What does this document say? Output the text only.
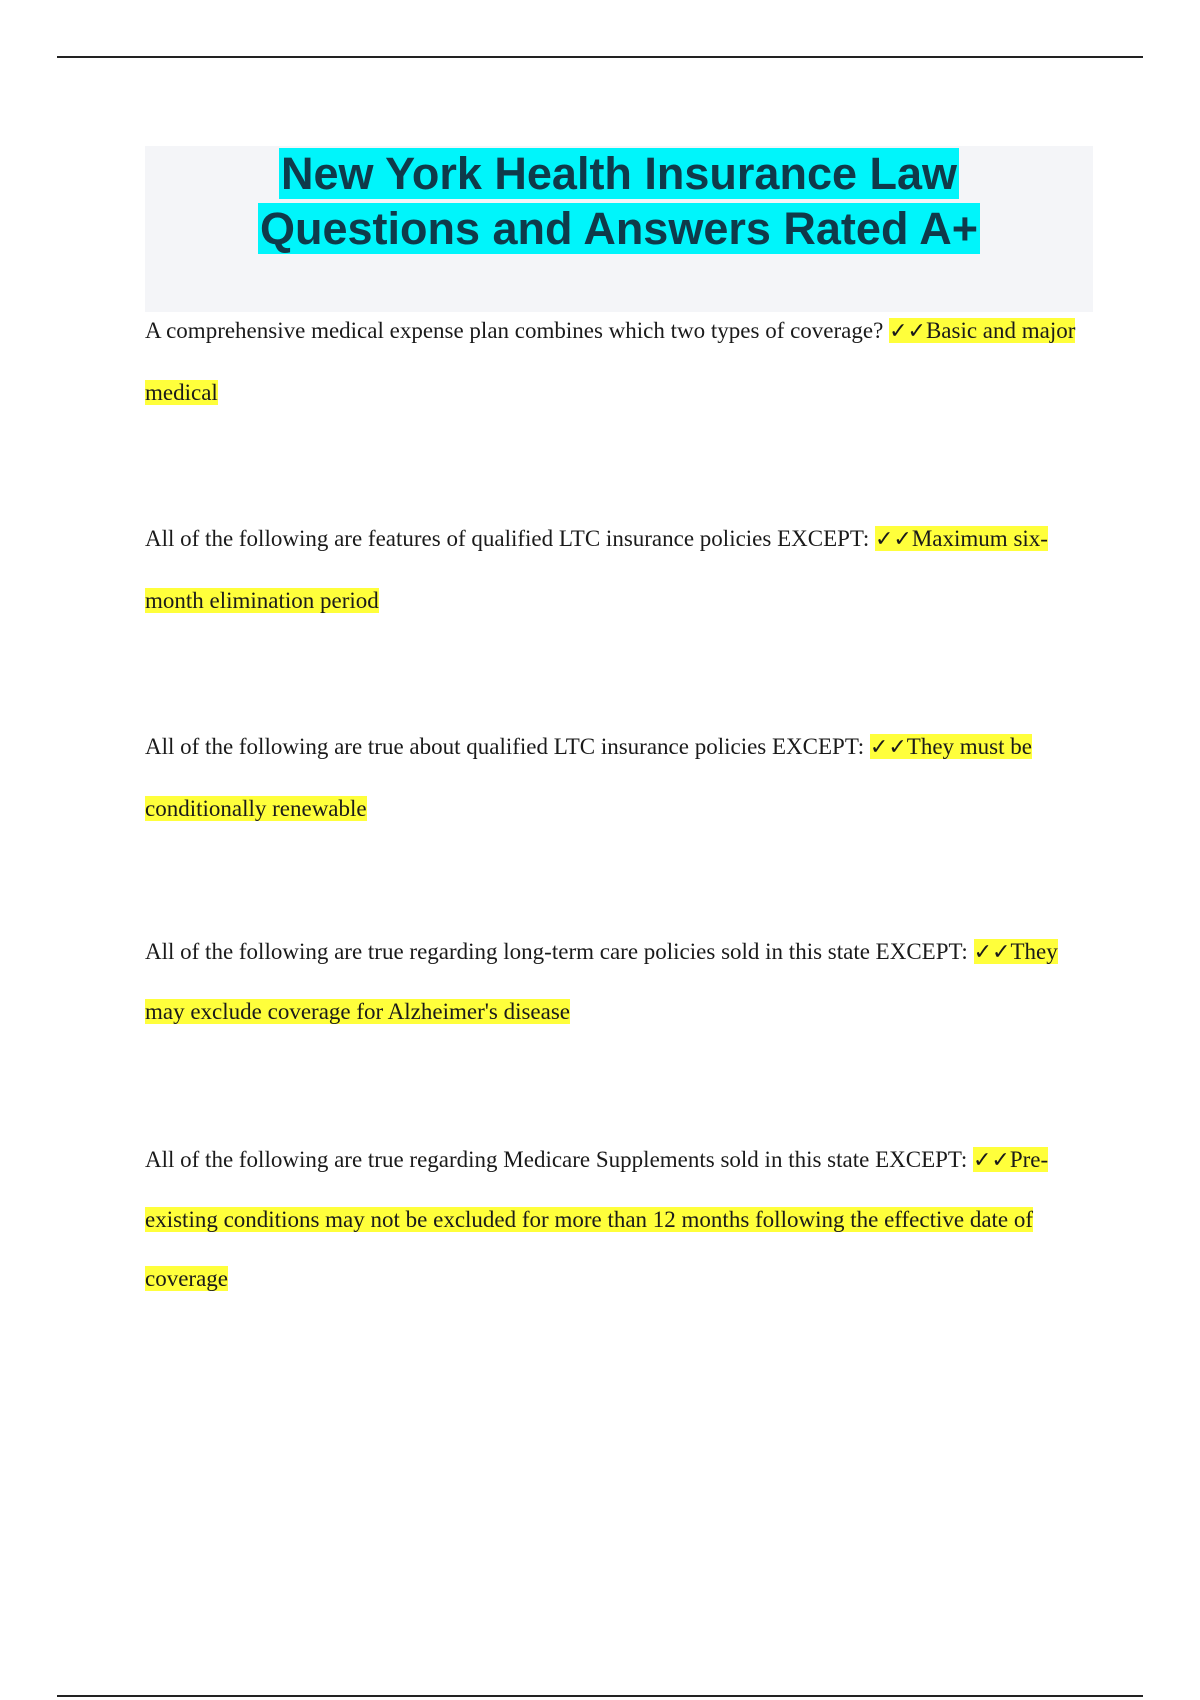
New York Health Insurance Law
Questions and Answers Rated A+
A comprehensive medical expense plan combines which two types of coverage? ✓✓Basic and major medical
All of the following are features of qualified LTC insurance policies EXCEPT: ✓✓Maximum six-month elimination period
All of the following are true about qualified LTC insurance policies EXCEPT: ✓✓They must be conditionally renewable
All of the following are true regarding long-term care policies sold in this state EXCEPT: ✓✓They may exclude coverage for Alzheimer's disease
All of the following are true regarding Medicare Supplements sold in this state EXCEPT: ✓✓Pre-existing conditions may not be excluded for more than 12 months following the effective date of coverage
